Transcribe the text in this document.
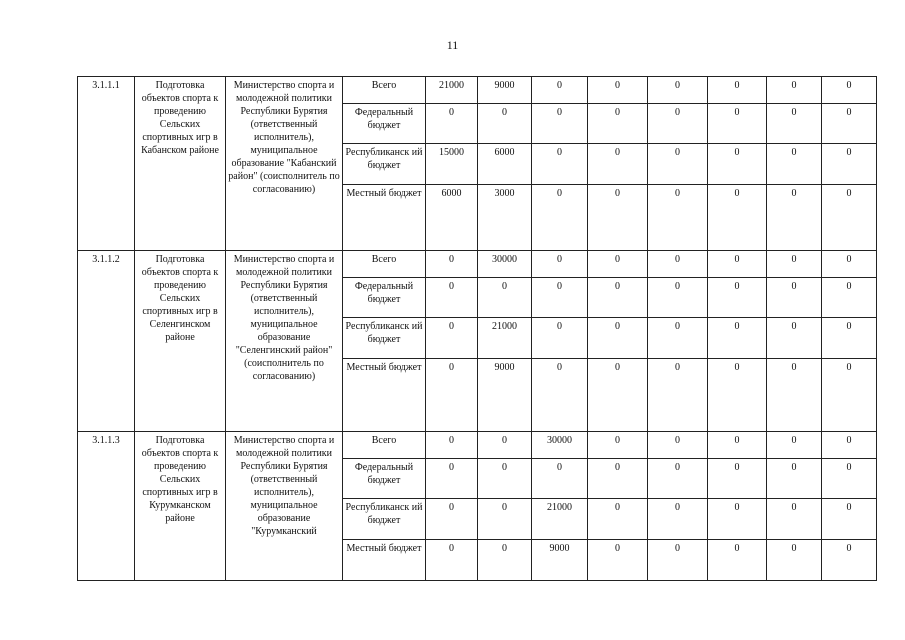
11
3.1.1.1	Подготовка объектов спорта к проведению Сельских спортивных игр в Кабанском районе	Министерство спорта и молодежной политики Республики Бурятия (ответственный исполнитель), муниципальное образование "Кабанский район" (соисполнитель по согласованию)	Всего	21000	9000	0	0	0	0	0	0
			Федеральный бюджет	0	0	0	0	0	0	0	0
			Республиканск ий бюджет	15000	6000	0	0	0	0	0	0
			Местный бюджет	6000	3000	0	0	0	0	0	0
3.1.1.2	Подготовка объектов спорта к проведению Сельских спортивных игр в Селенгинском районе	Министерство спорта и молодежной политики Республики Бурятия (ответственный исполнитель), муниципальное образование "Селенгинский район" (соисполнитель по согласованию)	Всего	0	30000	0	0	0	0	0	0
			Федеральный бюджет	0	0	0	0	0	0	0	0
			Республиканск ий бюджет	0	21000	0	0	0	0	0	0
			Местный бюджет	0	9000	0	0	0	0	0	0
3.1.1.3	Подготовка объектов спорта к проведению Сельских спортивных игр в Курумканском районе	Министерство спорта и молодежной политики Республики Бурятия (ответственный исполнитель), муниципальное образование "Курумканский	Всего	0	0	30000	0	0	0	0	0
			Федеральный бюджет	0	0	0	0	0	0	0	0
			Республиканск ий бюджет	0	0	21000	0	0	0	0	0
			Местный бюджет	0	0	9000	0	0	0	0	0
